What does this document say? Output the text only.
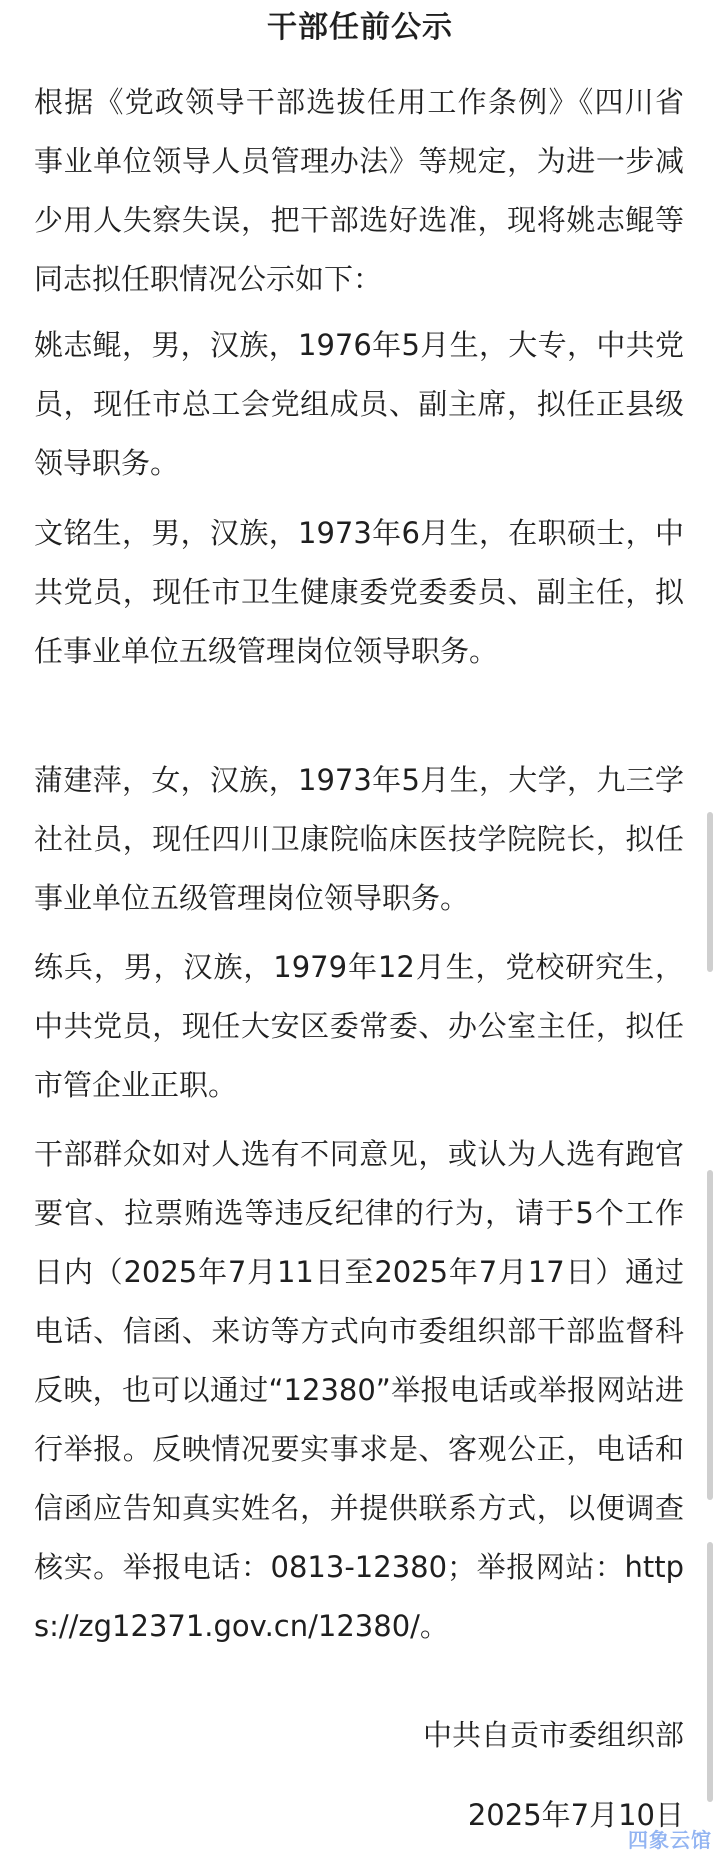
干部任前公示

根据《党政领导干部选拔任用工作条例》《四川省事业单位领导人员管理办法》等规定，为进一步减少用人失察失误，把干部选好选准，现将姚志鲲等同志拟任职情况公示如下：

姚志鲲，男，汉族，1976年5月生，大专，中共党员，现任市总工会党组成员、副主席，拟任正县级领导职务。

文铭生，男，汉族，1973年6月生，在职硕士，中共党员，现任市卫生健康委党委委员、副主任，拟任事业单位五级管理岗位领导职务。

蒲建萍，女，汉族，1973年5月生，大学，九三学社社员，现任四川卫康院临床医技学院院长，拟任事业单位五级管理岗位领导职务。

练兵，男，汉族，1979年12月生，党校研究生，中共党员，现任大安区委常委、办公室主任，拟任市管企业正职。

干部群众如对人选有不同意见，或认为人选有跑官要官、拉票贿选等违反纪律的行为，请于5个工作日内（2025年7月11日至2025年7月17日）通过电话、信函、来访等方式向市委组织部干部监督科反映，也可以通过“12380”举报电话或举报网站进行举报。反映情况要实事求是、客观公正，电话和信函应告知真实姓名，并提供联系方式，以便调查核实。举报电话：0813-12380；举报网站：https://zg12371.gov.cn/12380/。

中共自贡市委组织部
2025年7月10日
四象云馆
